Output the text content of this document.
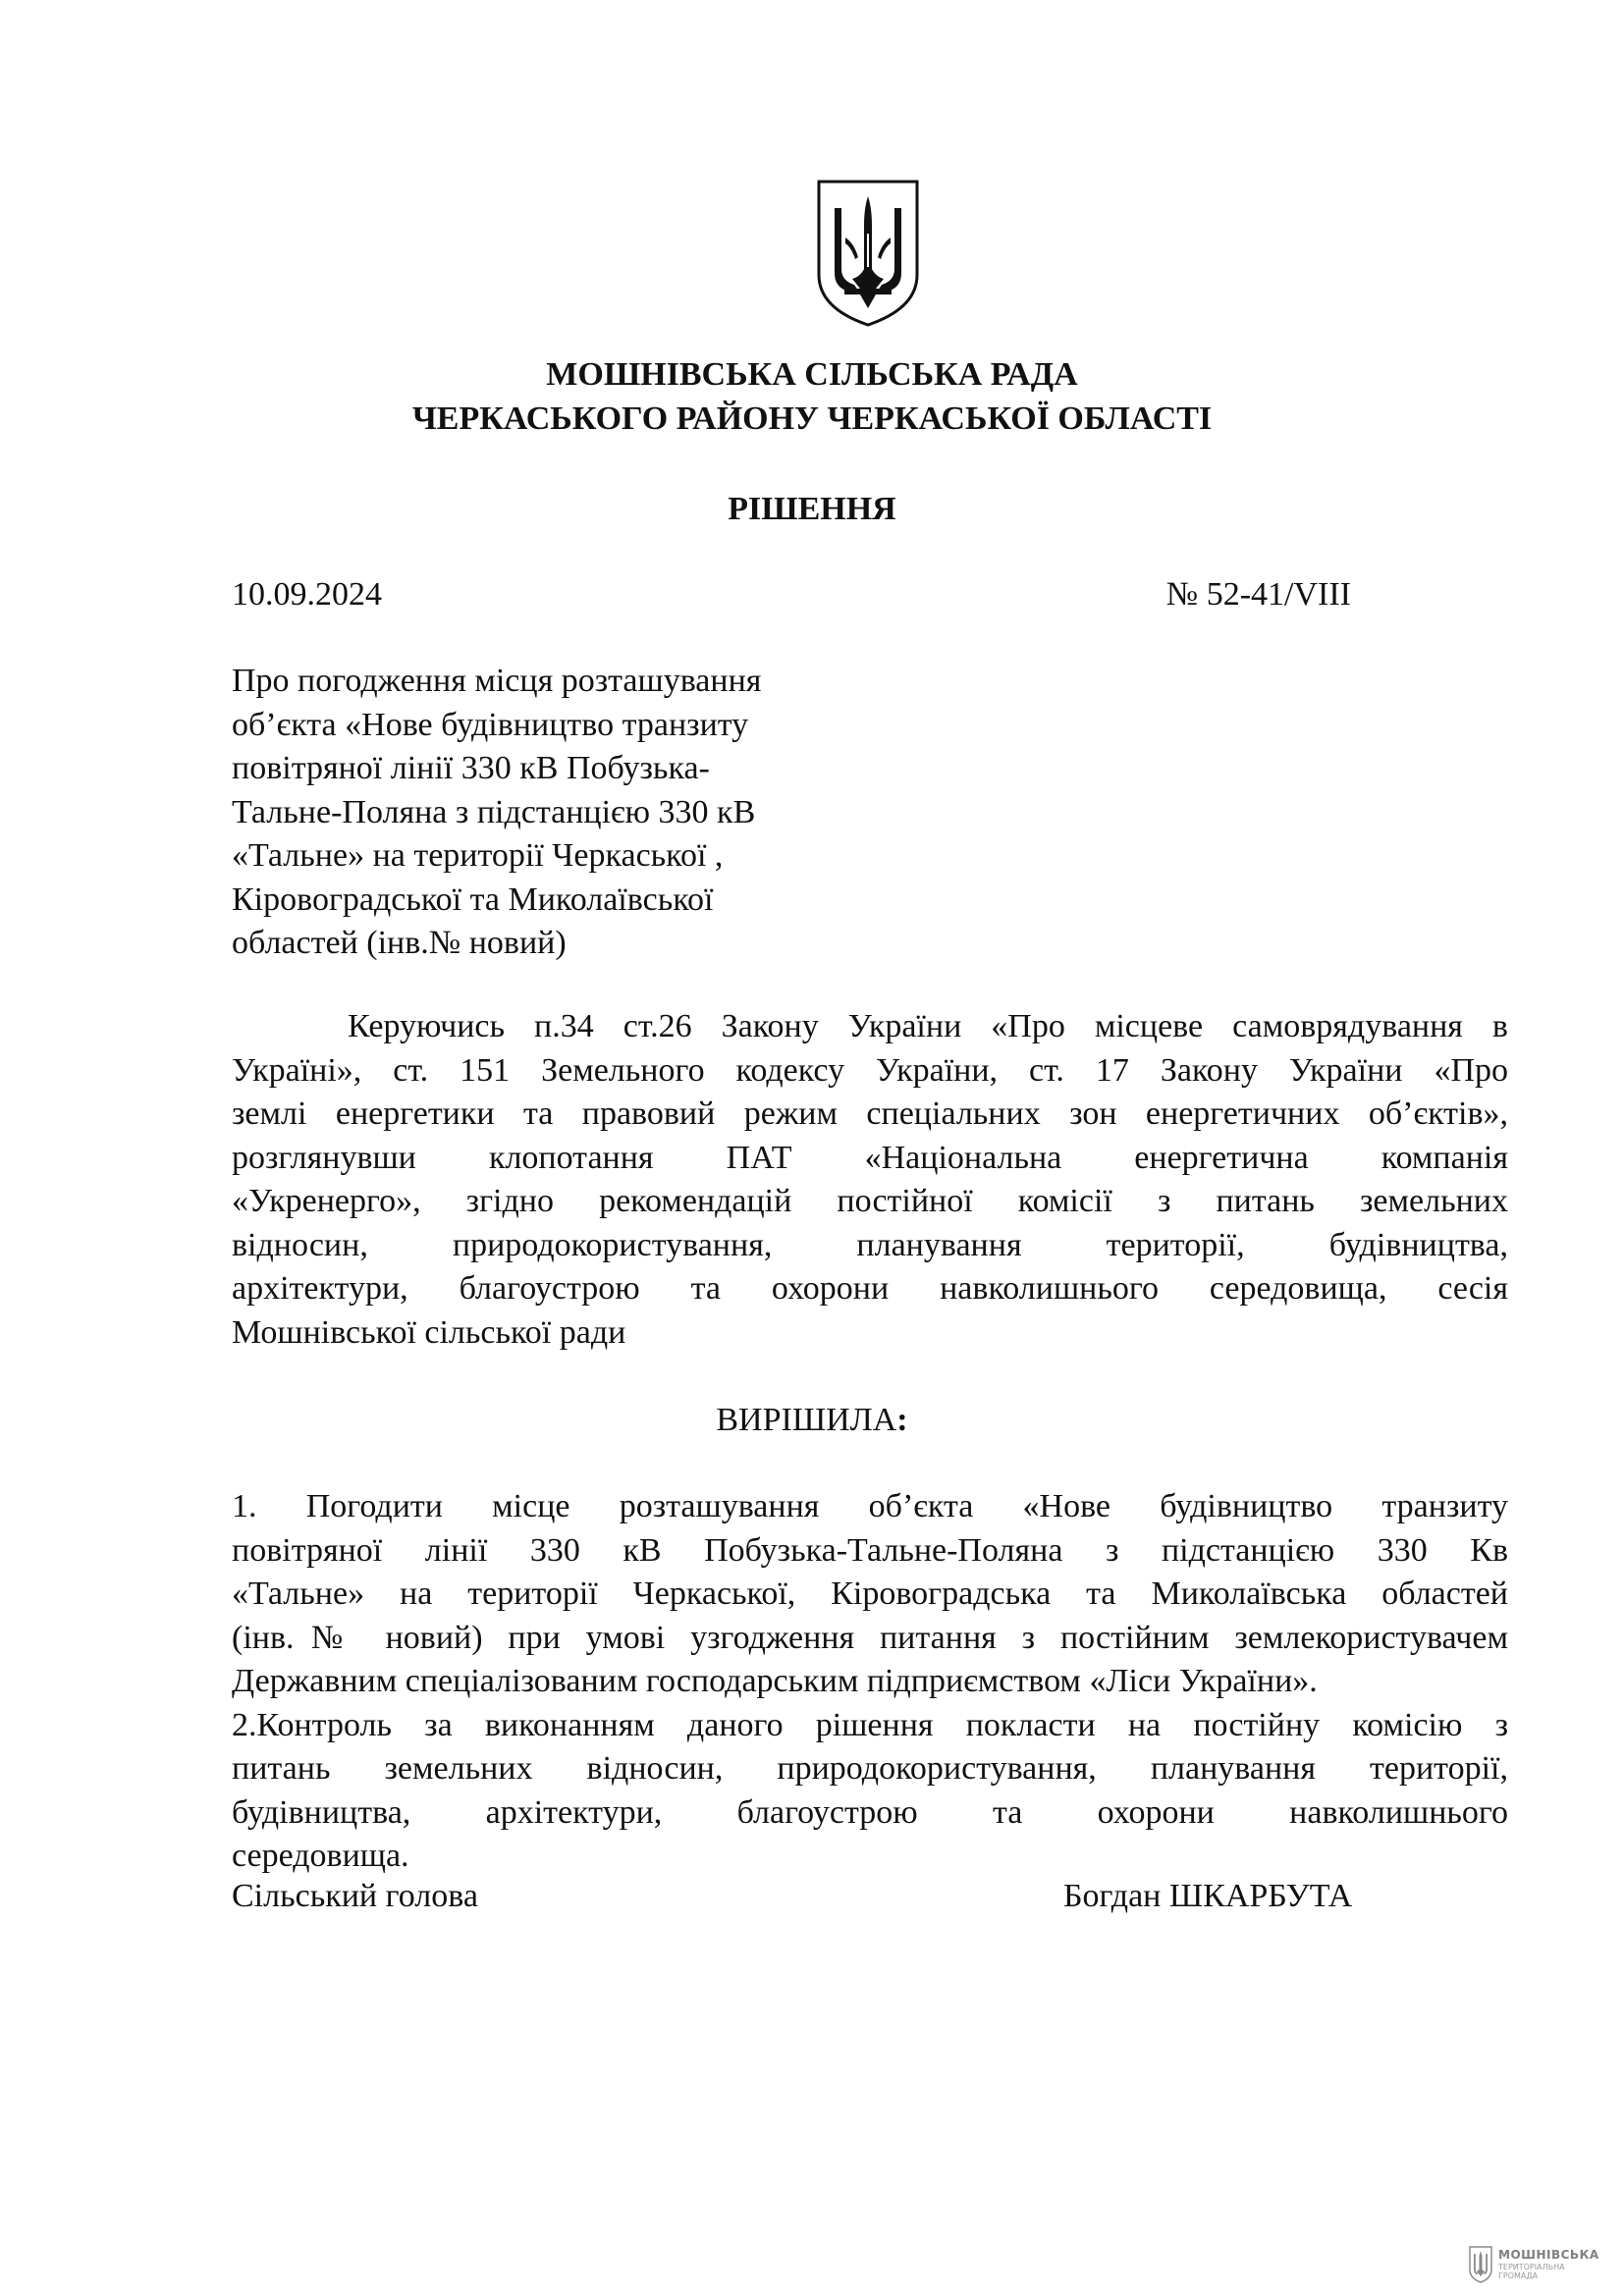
МОШНІВСЬКА СІЛЬСЬКА РАДА

ЧЕРКАСЬКОГО РАЙОНУ ЧЕРКАСЬКОЇ ОБЛАСТІ

РІШЕННЯ

10.09.2024	№ 52-41/VIII
Про погодження місця розташування
об’єкта «Нове будівництво транзиту
повітряної лінії 330 кВ Побузька-
Тальне-Поляна з підстанцією 330 кВ
«Тальне» на території Черкаської ,
Кіровоградської та Миколаївської
областей (інв.№ новий)
Керуючись п.34 ст.26 Закону України «Про місцеве самоврядування в
Україні», ст. 151 Земельного кодексу України, ст. 17 Закону України «Про
землі енергетики та правовий режим спеціальних зон енергетичних об’єктів»,
розглянувши клопотання ПАТ «Національна енергетична компанія
«Укренерго», згідно рекомендацій постійної комісії з питань земельних
відносин, природокористування, планування території, будівництва,
архітектури, благоустрою та охорони навколишнього середовища, сесія
Мошнівської сільської ради
ВИРІШИЛА:
1. Погодити місце розташування об’єкта «Нове будівництво транзиту
повітряної лінії 330 кВ Побузька-Тальне-Поляна з підстанцією 330 Кв
«Тальне» на території Черкаської, Кіровоградська та Миколаївська областей
(інв.№ новий) при умові узгодження питання з постійним землекористувачем
Державним спеціалізованим господарським підприємством «Ліси України».
2.Контроль за виконанням даного рішення покласти на постійну комісію з
питань земельних відносин, природокористування, планування території,
будівництва, архітектури, благоустрою та охорони навколишнього
середовища.
Сільський голова	Богдан ШКАРБУТА
МОШНІВСЬКА
ТЕРИТОРІАЛЬНА
ГРОМАДА
